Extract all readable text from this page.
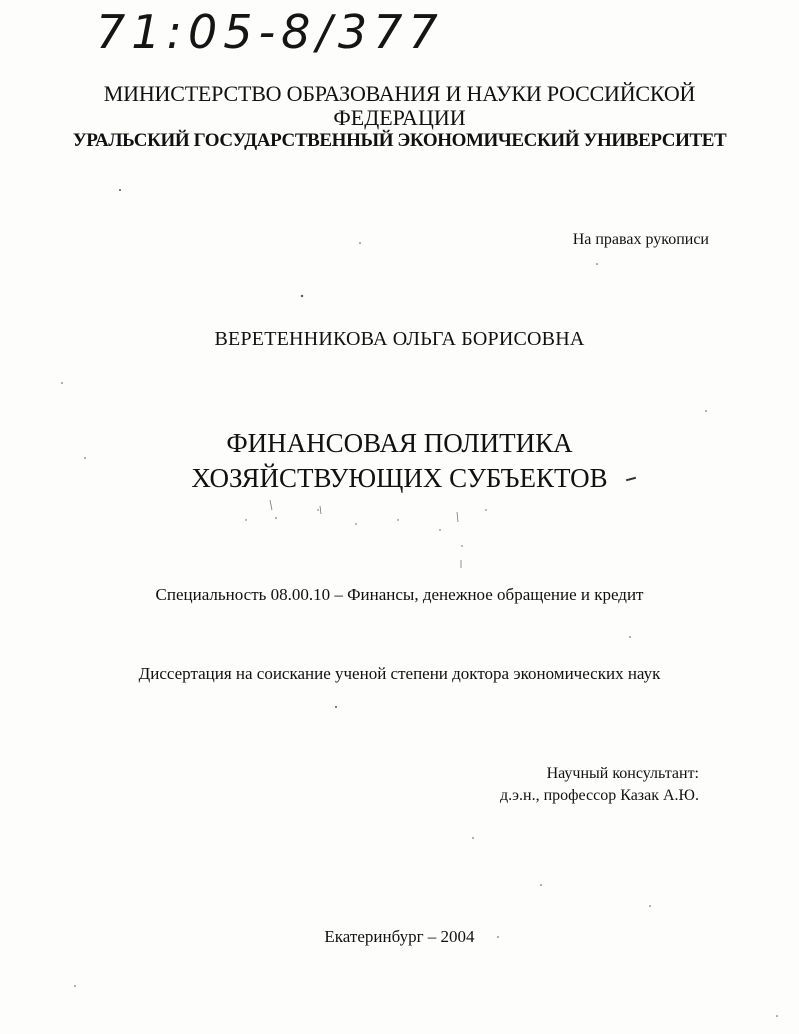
71:05-8/377
МИНИСТЕРСТВО ОБРАЗОВАНИЯ И НАУКИ РОССИЙСКОЙ
ФЕДЕРАЦИИ
УРАЛЬСКИЙ ГОСУДАРСТВЕННЫЙ ЭКОНОМИЧЕСКИЙ УНИВЕРСИТЕТ
На правах рукописи
ВЕРЕТЕННИКОВА ОЛЬГА БОРИСОВНА
ФИНАНСОВАЯ ПОЛИТИКА
ХОЗЯЙСТВУЮЩИХ СУБЪЕКТОВ
Специальность 08.00.10 – Финансы, денежное обращение и кредит
Диссертация на соискание ученой степени доктора экономических наук
Научный консультант:
д.э.н., профессор Казак А.Ю.
Екатеринбург – 2004
